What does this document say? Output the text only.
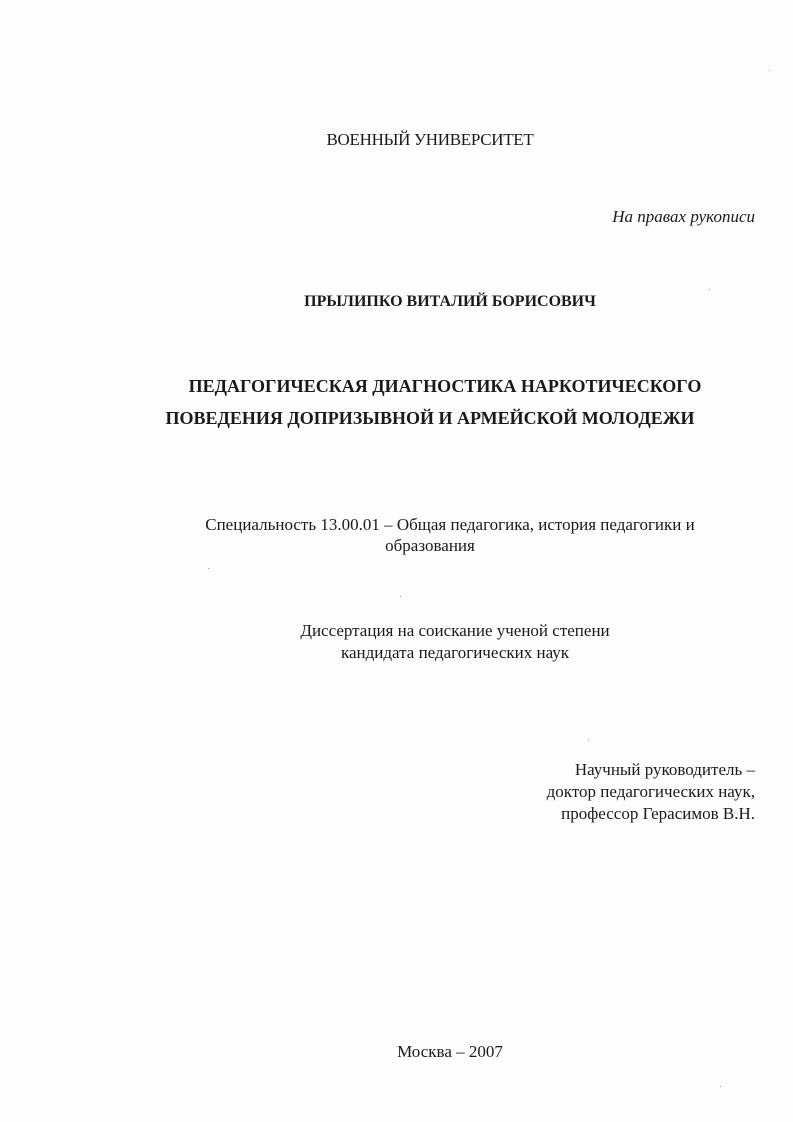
ВОЕННЫЙ УНИВЕРСИТЕТ
На правах рукописи
ПРЫЛИПКО ВИТАЛИЙ БОРИСОВИЧ
ПЕДАГОГИЧЕСКАЯ ДИАГНОСТИКА НАРКОТИЧЕСКОГО
ПОВЕДЕНИЯ ДОПРИЗЫВНОЙ И АРМЕЙСКОЙ МОЛОДЕЖИ
Специальность 13.00.01 – Общая педагогика, история педагогики и
образования
Диссертация на соискание ученой степени
кандидата педагогических наук
Научный руководитель –
доктор педагогических наук,
профессор Герасимов В.Н.
Москва – 2007
